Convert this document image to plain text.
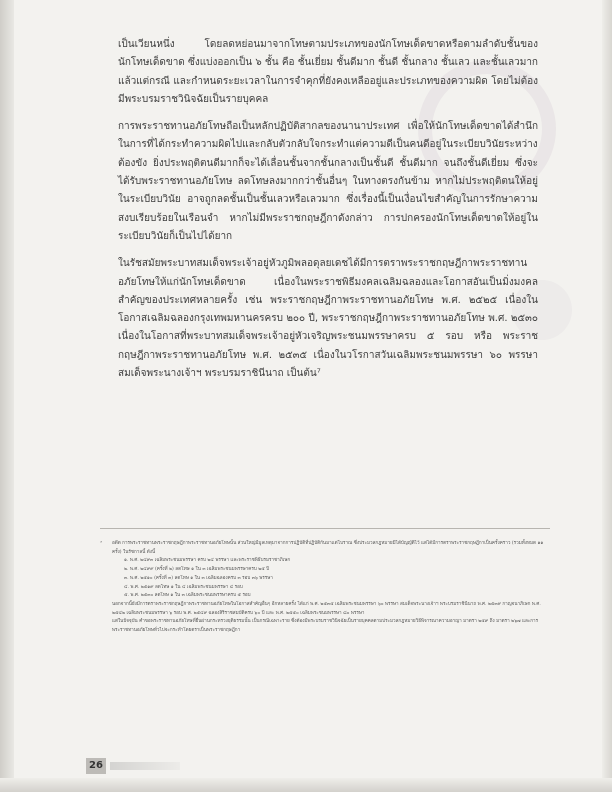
เป็นเวียนหนึ่ง โดยลดหย่อนมาจากโทษตามประเภทของนักโทษเด็ดขาดหรือตามลำดับชั้นของนักโทษเด็ดขาด ซึ่งแบ่งออกเป็น ๖ ชั้น คือ ชั้นเยี่ยม ชั้นดีมาก ชั้นดี ชั้นกลาง ชั้นเลว และชั้นเลวมาก แล้วแต่กรณี และกำหนดระยะเวลาในการจำคุกที่ยังคงเหลืออยู่และประเภทของความผิด โดยไม่ต้องมีพระบรมราชวินิจฉัยเป็นรายบุคคล

การพระราชทานอภัยโทษถือเป็นหลักปฏิบัติสากลของนานาประเทศ เพื่อให้นักโทษเด็ดขาดได้สำนึกในการที่ได้กระทำความผิดไปและกลับตัวกลับใจกระทำแต่ความดีเป็นคนดีอยู่ในระเบียบวินัยระหว่างต้องขัง ยิ่งประพฤติตนดีมากก็จะได้เลื่อนชั้นจากชั้นกลางเป็นชั้นดี ชั้นดีมาก จนถึงชั้นดีเยี่ยม ซึ่งจะได้รับพระราชทานอภัยโทษ ลดโทษลงมากกว่าชั้นอื่นๆ ในทางตรงกันข้าม หากไม่ประพฤติตนให้อยู่ในระเบียบวินัย อาจถูกลดชั้นเป็นชั้นเลวหรือเลวมาก ซึ่งเรื่องนี้เป็นเงื่อนไขสำคัญในการรักษาความสงบเรียบร้อยในเรือนจำ หากไม่มีพระราชกฤษฎีกาดังกล่าว การปกครองนักโทษเด็ดขาดให้อยู่ในระเบียบวินัยก็เป็นไปได้ยาก

ในรัชสมัยพระบาทสมเด็จพระเจ้าอยู่หัวภูมิพลอดุลยเดชได้มีการตราพระราชกฤษฎีกาพระราชทานอภัยโทษให้แก่นักโทษเด็ดขาด เนื่องในพระราชพิธีมงคลเฉลิมฉลองและโอกาสอันเป็นมิ่งมงคลสำคัญของประเทศหลายครั้ง เช่น พระราชกฤษฎีกาพระราชทานอภัยโทษ พ.ศ. ๒๕๒๕ เนื่องในโอกาสเฉลิมฉลองกรุงเทพมหานครครบ ๒๐๐ ปี, พระราชกฤษฎีกาพระราชทานอภัยโทษ พ.ศ. ๒๕๓๐ เนื่องในโอกาสที่พระบาทสมเด็จพระเจ้าอยู่หัวเจริญพระชนมพรรษาครบ ๕ รอบ หรือ พระราชกฤษฎีกาพระราชทานอภัยโทษ พ.ศ. ๒๕๓๕ เนื่องในวโรกาสวันเฉลิมพระชนมพรรษา ๖๐ พรรษา สมเด็จพระนางเจ้าฯ พระบรมราชินีนาถ เป็นต้น⁷

⁷	อดีต การพระราชทานพระราชกฤษฎีกาพระราชทานอภัยโทษนั้น ส่วนใหญ่มีมูลเหตุมาจากการปฏิบัติที่ปฏิบัติกันมาแต่โบราณ ซึ่งประมวลกฎหมายมิได้บัญญัติไว้ แต่ได้มีการตราพระราชกฤษฎีกาเป็นครั้งคราว (รวมทั้งหมด ๑๑ ครั้ง) ในรัชกาลนี้ ดังนี้
๑. พ.ศ. ๒๔๙๓ เฉลิมพระชนมพรรษา ครบ ๒๔ พรรษา และพระราชพิธีบรมราชาภิเษก
๒. พ.ศ. ๒๔๙๙ (ครั้งที่ ๒) ลดโทษ ๑ ใน ๓ เฉลิมพระชนมพรรษาครบ ๒๕ ปี
๓. พ.ศ. ๒๕๑๐ (ครั้งที่ ๓) ลดโทษ ๑ ใน ๓ เฉลิมฉลองครบ ๓ รอบ ๓๖ พรรษา
๔. พ.ศ. ๒๕๑๙ ลดโทษ ๑ ใน ๔ เฉลิมพระชนมพรรษา ๔ รอบ
๕. พ.ศ. ๒๕๓๐ ลดโทษ ๑ ใน ๓ เฉลิมพระชนมพรรษาครบ ๕ รอบ
นอกจากนี้ยังมีการตราพระราชกฤษฎีกาพระราชทานอภัยโทษในโอกาสสำคัญอื่นๆ อีกหลายครั้ง ได้แก่ พ.ศ. ๒๕๓๕ เฉลิมพระชนมพรรษา ๖๐ พรรษา สมเด็จพระนางเจ้าฯ พระบรมราชินีนาถ พ.ศ. ๒๕๓๙ กาญจนาภิเษก พ.ศ. ๒๕๔๒ เฉลิมพระชนมพรรษา ๖ รอบ พ.ศ. ๒๕๔๙ ฉลองสิริราชสมบัติครบ ๖๐ ปี และ พ.ศ. ๒๕๕๐ เฉลิมพระชนมพรรษา ๘๐ พรรษา
แต่ในปัจจุบัน คำขอพระราชทานอภัยโทษที่ยื่นผ่านกระทรวงยุติธรรมนั้น เป็นกรณีเฉพาะราย ซึ่งต้องมีพระบรมราชวินิจฉัยเป็นรายบุคคลตามประมวลกฎหมายวิธีพิจารณาความอาญา มาตรา ๒๕๙ ถึง มาตรา ๒๖๗ และการพระราชทานอภัยโทษทั่วไปจะกระทำโดยตราเป็นพระราชกฤษฎีกา
26
